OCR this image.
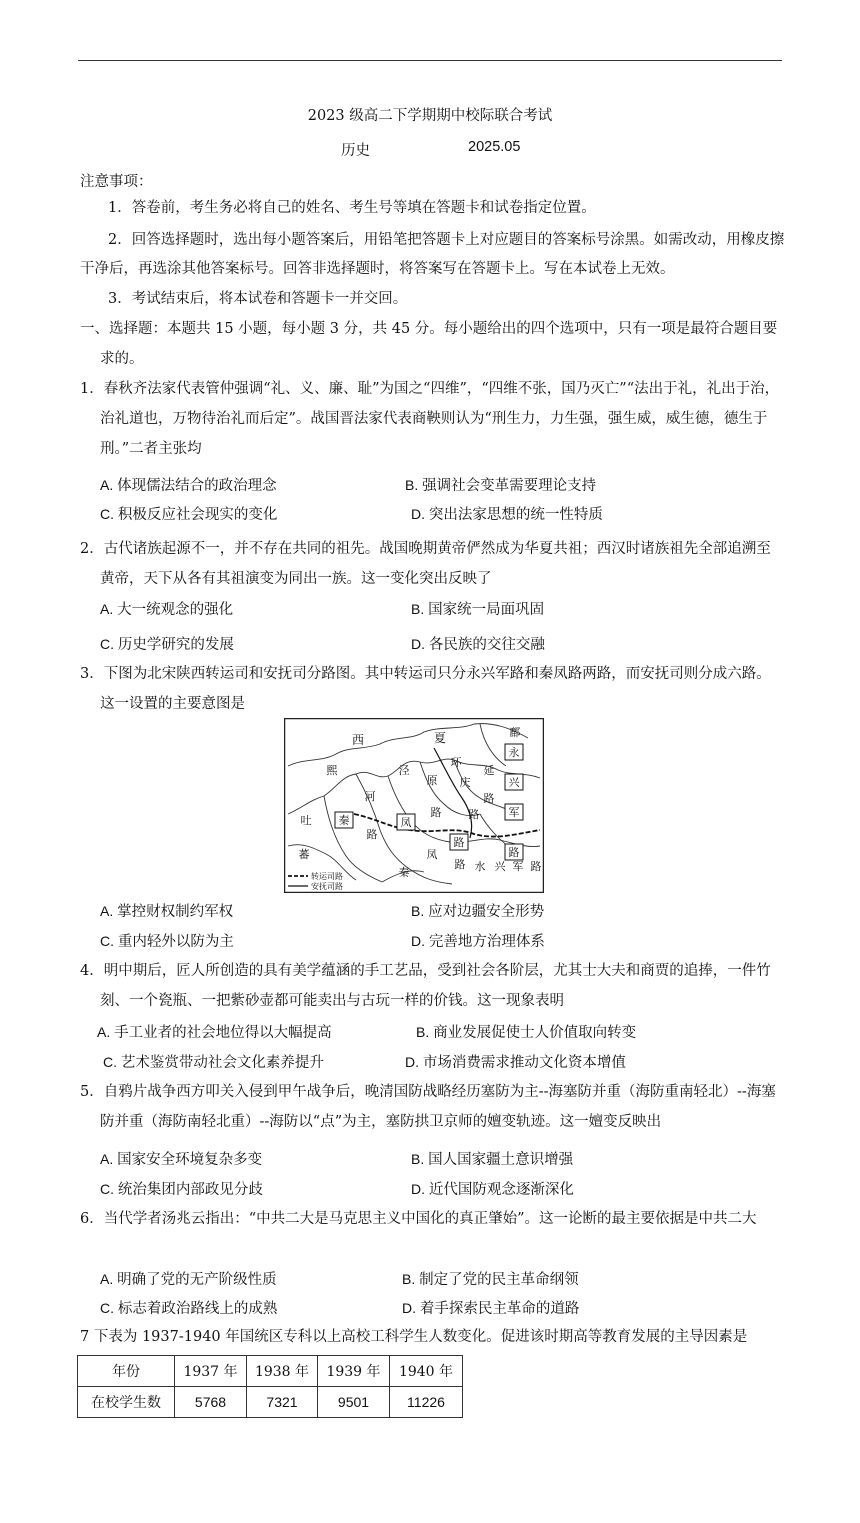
2023 级高二下学期期中校际联合考试
历史	2025.05
注意事项：
1．答卷前，考生务必将自己的姓名、考生号等填在答题卡和试卷指定位置。
2．回答选择题时，选出每小题答案后，用铅笔把答题卡上对应题目的答案标号涂黑。如需改动，用橡皮擦干净后，再选涂其他答案标号。回答非选择题时，将答案写在答题卡上。写在本试卷上无效。
3．考试结束后，将本试卷和答题卡一并交回。
一、选择题：本题共 15 小题，每小题 3 分，共 45 分。每小题给出的四个选项中，只有一项是最符合题目要求的。
1．春秋齐法家代表管仲强调“礼、义、廉、耻”为国之“四维”，“四维不张，国乃灭亡”“法出于礼，礼出于治，治礼道也，万物待治礼而后定”。战国晋法家代表商鞅则认为“刑生力，力生强，强生威，威生德，德生于刑。”二者主张均
A. 体现儒法结合的政治理念	B. 强调社会变革需要理论支持
C. 积极反应社会现实的变化	D. 突出法家思想的统一性特质
2．古代诸族起源不一，并不存在共同的祖先。战国晚期黄帝俨然成为华夏共祖；西汉时诸族祖先全部追溯至黄帝，天下从各有其祖演变为同出一族。这一变化突出反映了
A. 大一统观念的强化	B. 国家统一局面巩固
C. 历史学研究的发展	D. 各民族的交往交融
3．下图为北宋陕西转运司和安抚司分路图。其中转运司只分永兴军路和秦凤路两路，而安抚司则分成六路。这一设置的主要意图是
西	夏	鄜
永
环
延
兴
熙	泾
原 庆
路
军
河
吐 秦	凤
路 路
路
路
路
蕃	凤
路
秦	水 兴 军 路
转运司路
安抚司路
A. 掌控财权制约军权	B. 应对边疆安全形势
C. 重内轻外以防为主	D. 完善地方治理体系
4．明中期后，匠人所创造的具有美学蕴涵的手工艺品，受到社会各阶层，尤其士大夫和商贾的追捧，一件竹刻、一个瓷瓶、一把紫砂壶都可能卖出与古玩一样的价钱。这一现象表明
A. 手工业者的社会地位得以大幅提高	B. 商业发展促使士人价值取向转变
C. 艺术鉴赏带动社会文化素养提升	D. 市场消费需求推动文化资本增值
5．自鸦片战争西方叩关入侵到甲午战争后，晚清国防战略经历塞防为主--海塞防并重（海防重南轻北）--海塞防并重（海防南轻北重）--海防以“点”为主，塞防拱卫京师的嬗变轨迹。这一嬗变反映出
A. 国家安全环境复杂多变	B. 国人国家疆土意识增强
C. 统治集团内部政见分歧	D. 近代国防观念逐渐深化
6．当代学者汤兆云指出：“中共二大是马克思主义中国化的真正肇始”。这一论断的最主要依据是中共二大
A. 明确了党的无产阶级性质	B. 制定了党的民主革命纲领
C. 标志着政治路线上的成熟	D. 着手探索民主革命的道路
7 下表为 1937-1940 年国统区专科以上高校工科学生人数变化。促进该时期高等教育发展的主导因素是
年份	1937 年	1938 年	1939 年	1940 年
在校学生数	5768	7321	9501	11226
